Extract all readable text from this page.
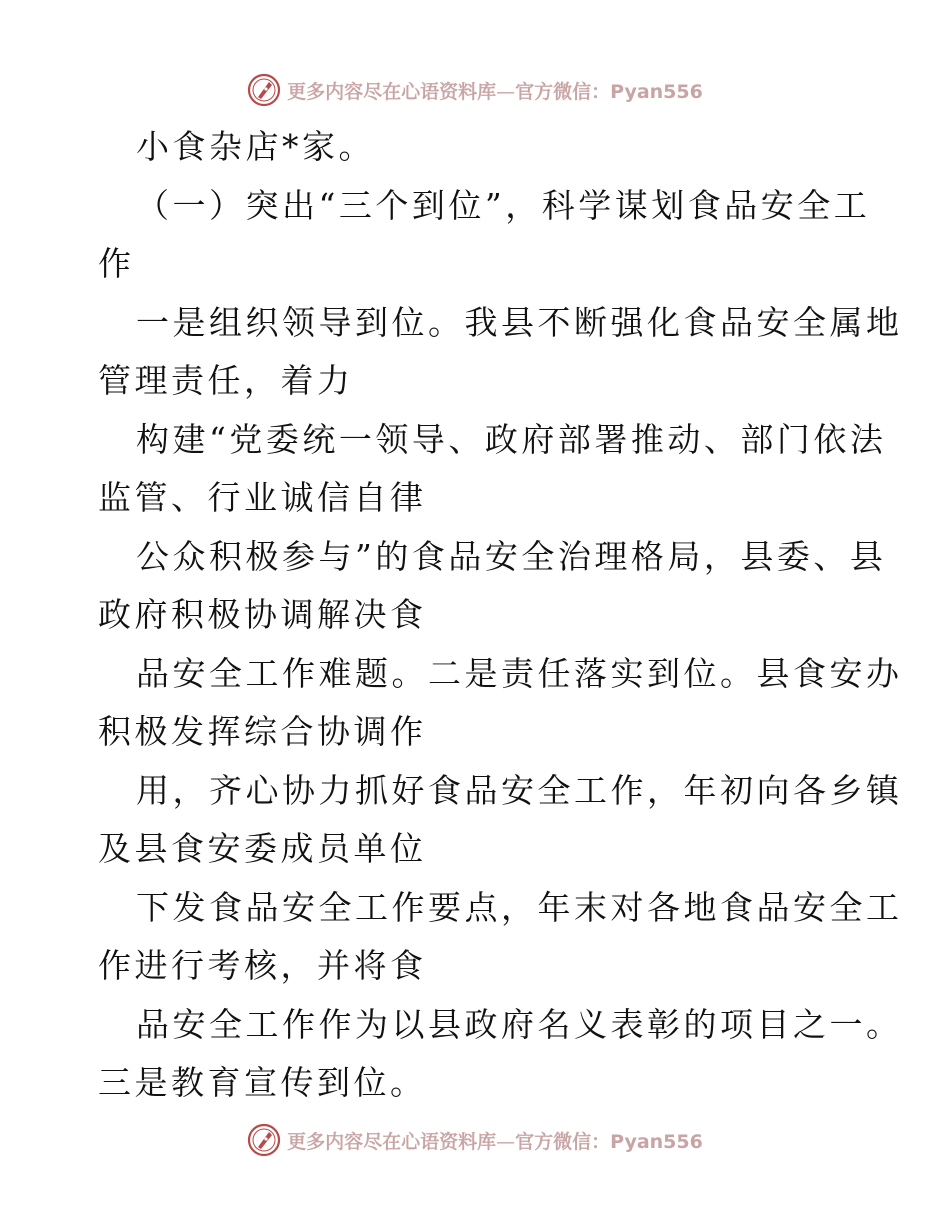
更多内容尽在心语资料库—官方微信：Pyan556
小食杂店*家。
（一）突出“三个到位”，科学谋划食品安全工
作
一是组织领导到位。我县不断强化食品安全属地
管理责任，着力
构建“党委统一领导、政府部署推动、部门依法
监管、行业诚信自律
公众积极参与”的食品安全治理格局，县委、县
政府积极协调解决食
品安全工作难题。二是责任落实到位。县食安办
积极发挥综合协调作
用，齐心协力抓好食品安全工作，年初向各乡镇
及县食安委成员单位
下发食品安全工作要点，年末对各地食品安全工
作进行考核，并将食
品安全工作作为以县政府名义表彰的项目之一。
三是教育宣传到位。
更多内容尽在心语资料库—官方微信：Pyan556
